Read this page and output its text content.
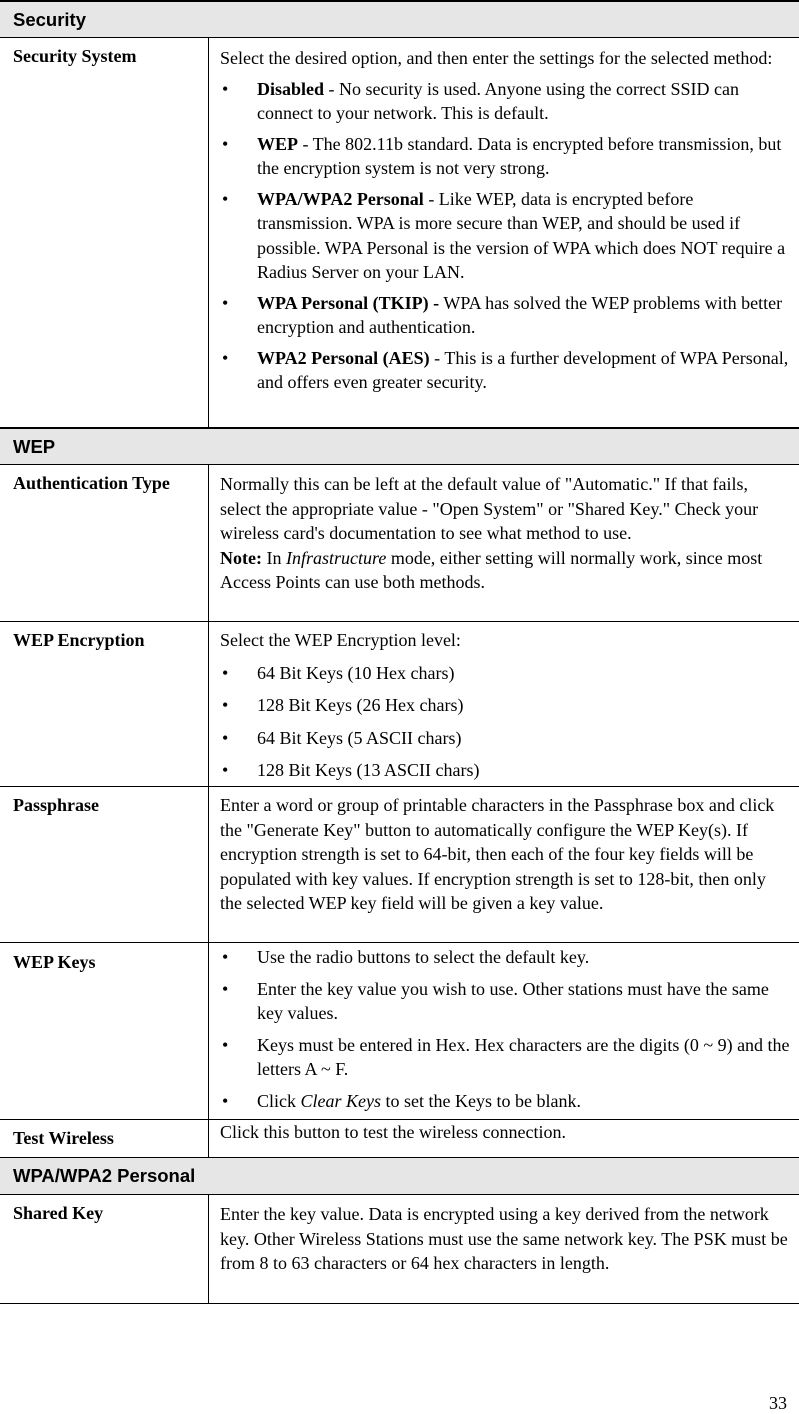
Security
Security System	Select the desired option, and then enter the settings for the selected method:

• Disabled - No security is used. Anyone using the correct SSID can connect to your network. This is default.
• WEP - The 802.11b standard. Data is encrypted before transmission, but the encryption system is not very strong.
• WPA/WPA2 Personal - Like WEP, data is encrypted before transmission. WPA is more secure than WEP, and should be used if possible. WPA Personal is the version of WPA which does NOT require a Radius Server on your LAN.
• WPA Personal (TKIP) - WPA has solved the WEP problems with better encryption and authentication.
• WPA2 Personal (AES) - This is a further development of WPA Personal, and offers even greater security.
WEP
Authentication Type	Normally this can be left at the default value of "Automatic." If that fails, select the appropriate value - "Open System" or "Shared Key." Check your wireless card's documentation to see what method to use.

Note: In Infrastructure mode, either setting will normally work, since most Access Points can use both methods.

WEP Encryption	Select the WEP Encryption level:

• 64 Bit Keys (10 Hex chars)
• 128 Bit Keys (26 Hex chars)
• 64 Bit Keys (5 ASCII chars)
• 128 Bit Keys (13 ASCII chars)
Passphrase	Enter a word or group of printable characters in the Passphrase box and click the "Generate Key" button to automatically configure the WEP Key(s). If encryption strength is set to 64-bit, then each of the four key fields will be populated with key values. If encryption strength is set to 128-bit, then only the selected WEP key field will be given a key value.

WEP Keys	• Use the radio buttons to select the default key.
• Enter the key value you wish to use. Other stations must have the same key values.
• Keys must be entered in Hex. Hex characters are the digits (0 ~ 9) and the letters A ~ F.
• Click Clear Keys to set the Keys to be blank.
Test Wireless	Click this button to test the wireless connection.

WPA/WPA2 Personal
Shared Key	Enter the key value. Data is encrypted using a key derived from the network key. Other Wireless Stations must use the same network key. The PSK must be from 8 to 63 characters or 64 hex characters in length.

33
